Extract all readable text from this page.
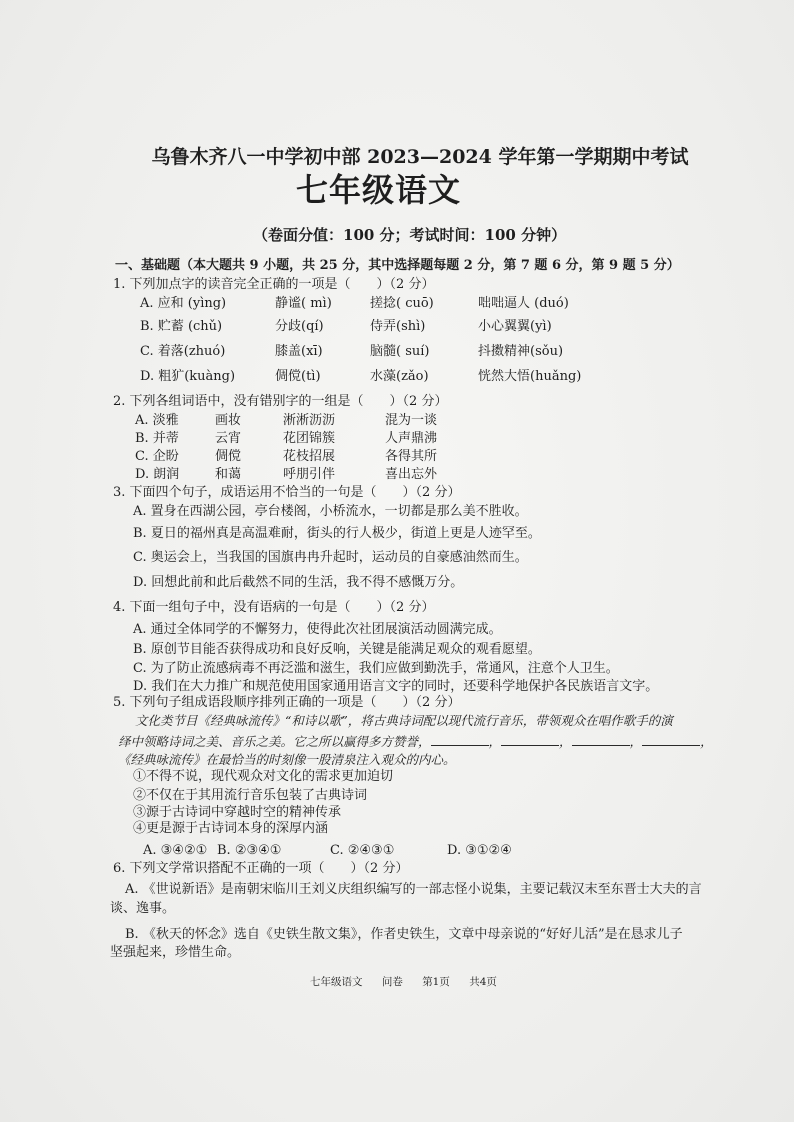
乌鲁木齐八一中学初中部 2023—2024 学年第一学期期中考试
七年级语文
（卷面分值：100 分；考试时间：100 分钟）
一、基础题（本大题共 9 小题，共 25 分，其中选择题每题 2 分，第 7 题 6 分，第 9 题 5 分）
1. 下列加点字的读音完全正确的一项是（　　）（2 分）
A. 应和 (yìng)	静谧( mì)	搓捻( cuō)	咄咄逼人 (duó)
B. 贮蓄 (chǔ)	分歧(qí)	侍弄(shì)	小心翼翼(yì)
C. 着落(zhuó)	膝盖(xī)	脑髓( suí)	抖擞精神(sǒu)
D. 粗犷(kuàng)	倜傥(tì)	水藻(zǎo)	恍然大悟(huǎng)
2. 下列各组词语中，没有错别字的一组是（　　）（2 分）
A. 淡雅	画妆	淅淅沥沥	混为一谈
B. 并蒂	云宵	花团锦簇	人声鼎沸
C. 企盼	倜傥	花枝招展	各得其所
D. 朗润	和蔼	呼朋引伴	喜出忘外
3. 下面四个句子，成语运用不恰当的一句是（　　）（2 分）
A. 置身在西湖公园，亭台楼阁，小桥流水，一切都是那么美不胜收。
B. 夏日的福州真是高温难耐，街头的行人极少，街道上更是人迹罕至。
C. 奥运会上，当我国的国旗冉冉升起时，运动员的自豪感油然而生。
D. 回想此前和此后截然不同的生活，我不得不感慨万分。
4. 下面一组句子中，没有语病的一句是（　　）（2 分）
A. 通过全体同学的不懈努力，使得此次社团展演活动圆满完成。
B. 原创节目能否获得成功和良好反响，关键是能满足观众的观看愿望。
C. 为了防止流感病毒不再泛滥和滋生，我们应做到勤洗手，常通风，注意个人卫生。
D. 我们在大力推广和规范使用国家通用语言文字的同时，还要科学地保护各民族语言文字。
5. 下列句子组成语段顺序排列正确的一项是（　　）（2 分）
文化类节目《经典咏流传》“和诗以歌”，将古典诗词配以现代流行音乐，带领观众在唱作歌手的演
绎中领略诗词之美、音乐之美。它之所以赢得多方赞誉，	，	，	，	，
《经典咏流传》在最恰当的时刻像一股清泉注入观众的内心。
①不得不说，现代观众对文化的需求更加迫切
②不仅在于其用流行音乐包装了古典诗词
③源于古诗词中穿越时空的精神传承
④更是源于古诗词本身的深厚内涵
A. ③④②① B. ②③④①	C. ②④③①	D. ③①②④
6. 下列文学常识搭配不正确的一项（　　）（2 分）
A. 《世说新语》是南朝宋临川王刘义庆组织编写的一部志怪小说集，主要记载汉末至东晋士大夫的言
谈、逸事。
B. 《秋天的怀念》选自《史铁生散文集》，作者史铁生，文章中母亲说的“好好儿活”是在恳求儿子
坚强起来，珍惜生命。
七年级语文 问卷 第1页 共4页
